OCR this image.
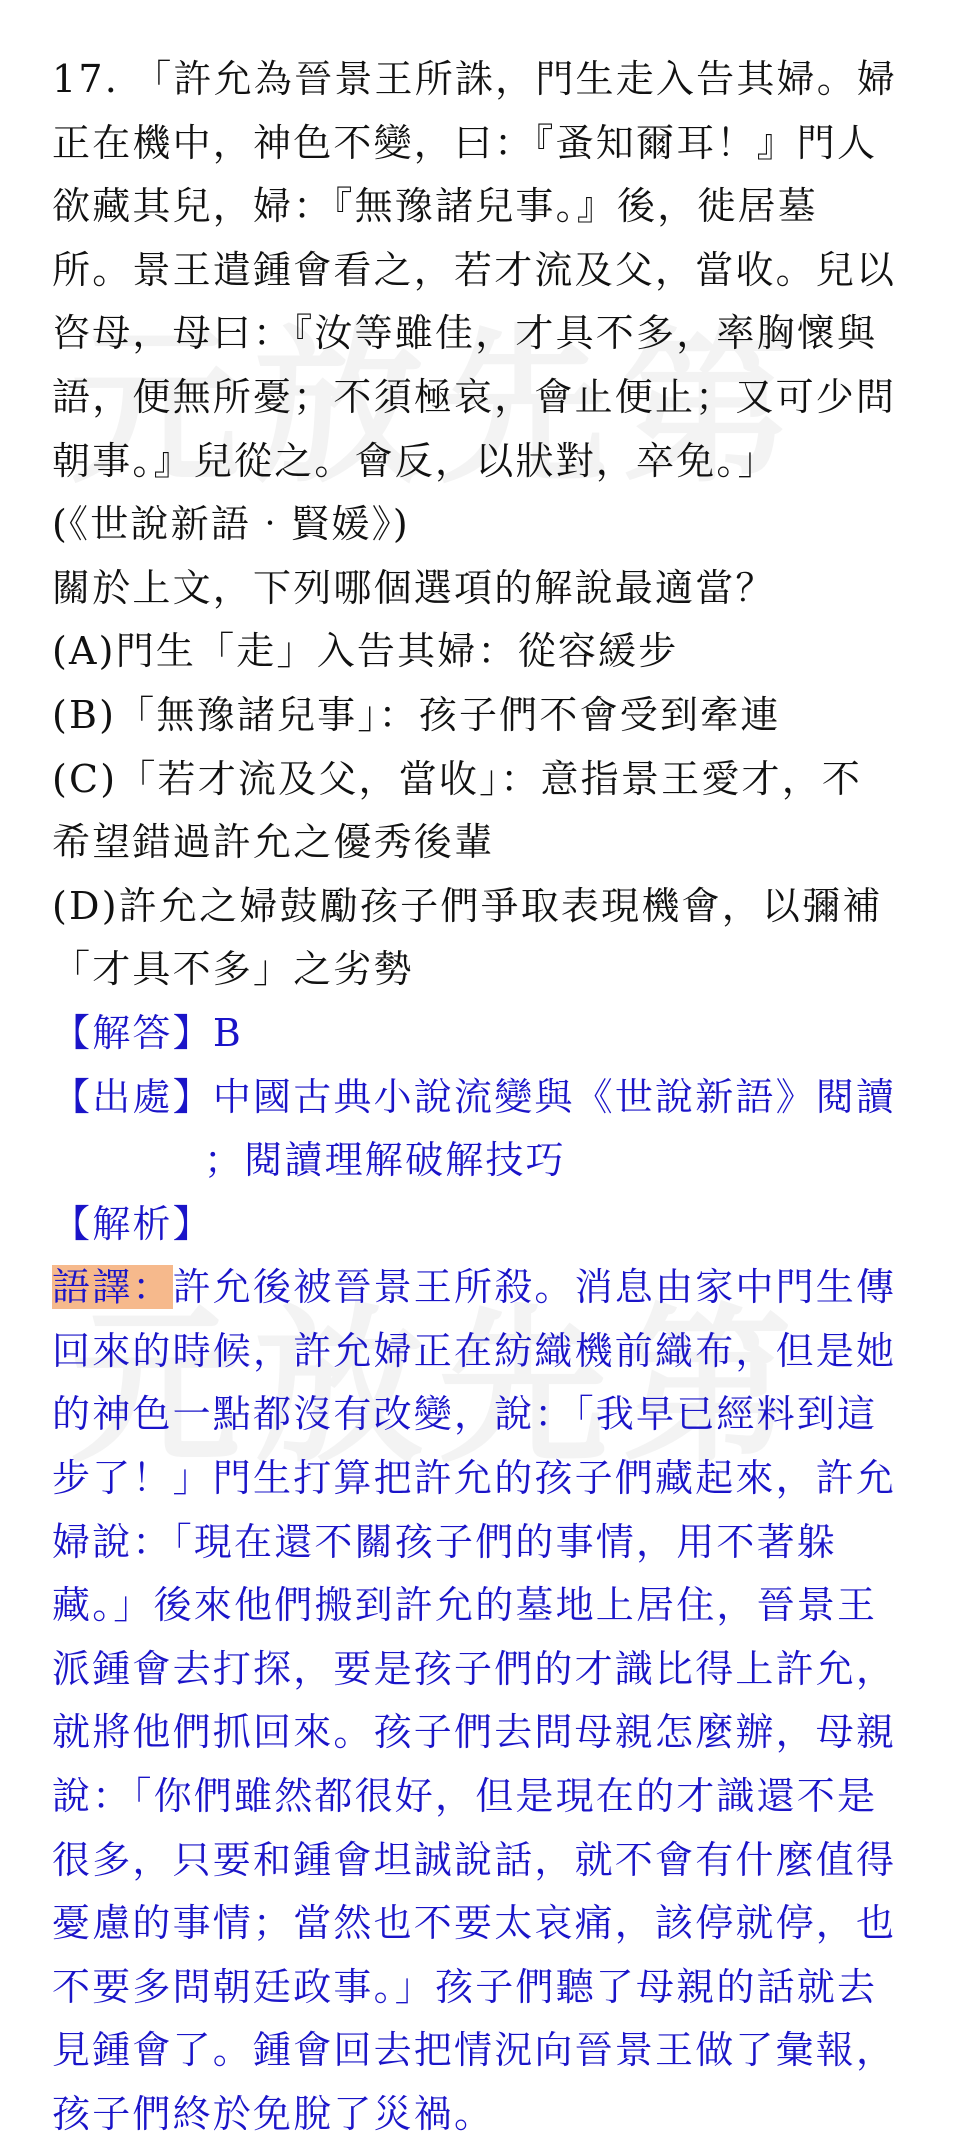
17. 「許允為晉景王所誅，門生走入告其婦。婦
正在機中，神色不變，曰：『蚤知爾耳！』門人
欲藏其兒，婦：『無豫諸兒事。』後，徙居墓
所。景王遣鍾會看之，若才流及父，當收。兒以
咨母，母曰：『汝等雖佳，才具不多，率胸懷與
語，便無所憂；不須極哀，會止便止；又可少問
朝事。』兒從之。會反，以狀對，卒免。」
(《世說新語‧賢媛》)
關於上文，下列哪個選項的解說最適當？
(A)門生「走」入告其婦：從容緩步
(B)「無豫諸兒事」：孩子們不會受到牽連
(C)「若才流及父，當收」：意指景王愛才，不
希望錯過許允之優秀後輩
(D)許允之婦鼓勵孩子們爭取表現機會，以彌補
「才具不多」之劣勢
【解答】B
【出處】中國古典小說流變與《世說新語》閱讀
；閱讀理解破解技巧
【解析】
語譯：許允後被晉景王所殺。消息由家中門生傳
回來的時候，許允婦正在紡織機前織布，但是她
的神色一點都沒有改變，說：「我早已經料到這
步了！」門生打算把許允的孩子們藏起來，許允
婦說：「現在還不關孩子們的事情，用不著躲
藏。」後來他們搬到許允的墓地上居住，晉景王
派鍾會去打探，要是孩子們的才識比得上許允，
就將他們抓回來。孩子們去問母親怎麼辦，母親
說：「你們雖然都很好，但是現在的才識還不是
很多，只要和鍾會坦誠說話，就不會有什麼值得
憂慮的事情；當然也不要太哀痛，該停就停，也
不要多問朝廷政事。」孩子們聽了母親的話就去
見鍾會了。鍾會回去把情況向晉景王做了彙報，
孩子們終於免脫了災禍。
